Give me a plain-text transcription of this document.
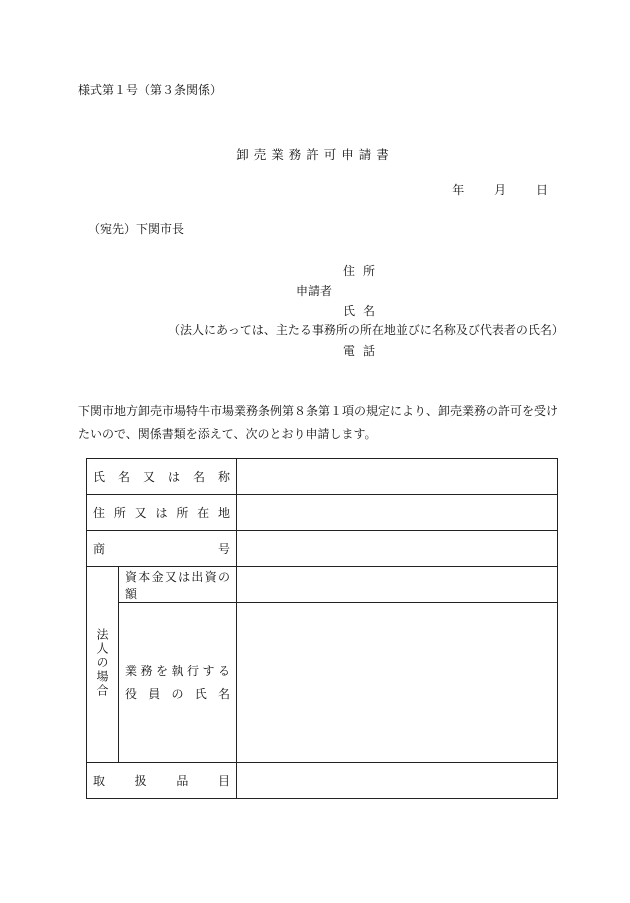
様式第１号（第３条関係）
卸売業務許可申請書
年 月 日
（宛先）下関市長
住所
申請者
氏名
（法人にあっては、主たる事務所の所在地並びに名称及び代表者の氏名）
電話
下関市地方卸売市場特牛市場業務条例第８条第１項の規定により、卸売業務の許可を受けたいので、関係書類を添えて、次のとおり申請します。
氏名又は名称		

住所又は所在地		

商号		

法人の場合	資本金又は出資の額	

	業務を執行する
役員の氏名	

取扱品目		
